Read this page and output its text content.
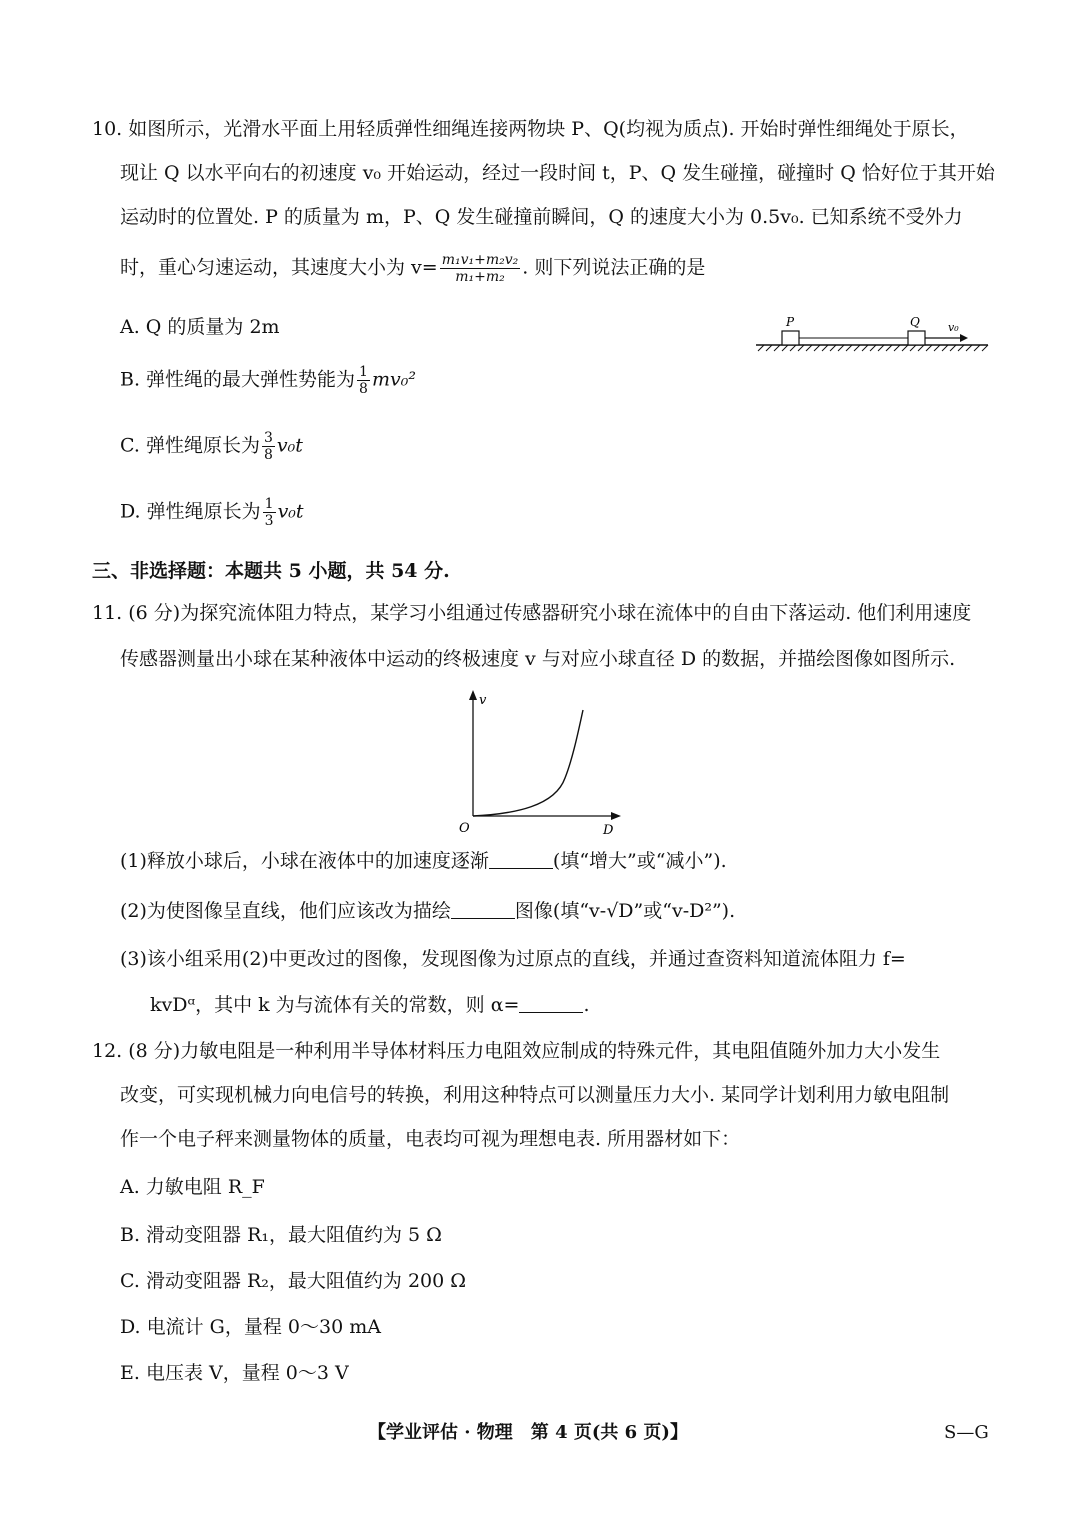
10. 如图所示，光滑水平面上用轻质弹性细绳连接两物块 P、Q(均视为质点). 开始时弹性细绳处于原长，
现让 Q 以水平向右的初速度 v₀ 开始运动，经过一段时间 t，P、Q 发生碰撞，碰撞时 Q 恰好位于其开始
运动时的位置处. P 的质量为 m，P、Q 发生碰撞前瞬间，Q 的速度大小为 0.5v₀. 已知系统不受外力
时，重心匀速运动，其速度大小为 $v= \frac{\text{m₁v₁+m₂v₂}}{\text{m₁+m₂}}$ . 则下列说法正确的是
A. Q 的质量为 2m
B. 弹性绳的最大弹性势能为 $\frac{1}{8} mv_0^2$
C. 弹性绳原长为 $\frac{3}{8} v_0t$
D. 弹性绳原长为 $\frac{1}{3} v_0t$
P	Q	v₀
三、非选择题：本题共 5 小题，共 54 分.
11. (6 分)为探究流体阻力特点，某学习小组通过传感器研究小球在流体中的自由下落运动. 他们利用速度
传感器测量出小球在某种液体中运动的终极速度 v 与对应小球直径 D 的数据，并描绘图像如图所示.
v
D
O
(1)释放小球后，小球在液体中的加速度逐渐	(填“增大”或“减小”).
(2)为使图像呈直线，他们应该改为描绘	图像(填“v-√D”或“v-D²”).
(3)该小组采用(2)中更改过的图像，发现图像为过原点的直线，并通过查资料知道流体阻力 f=
kvDᵅ，其中 k 为与流体有关的常数，则 α=	.
12. (8 分)力敏电阻是一种利用半导体材料压力电阻效应制成的特殊元件，其电阻值随外加力大小发生
改变，可实现机械力向电信号的转换，利用这种特点可以测量压力大小. 某同学计划利用力敏电阻制
作一个电子秤来测量物体的质量，电表均可视为理想电表. 所用器材如下：
A. 力敏电阻 R_F
B. 滑动变阻器 R₁，最大阻值约为 5 Ω
C. 滑动变阻器 R₂，最大阻值约为 200 Ω
D. 电流计 G，量程 0～30 mA
E. 电压表 V，量程 0～3 V
【学业评估 · 物理　第 4 页(共 6 页)】	S—G
